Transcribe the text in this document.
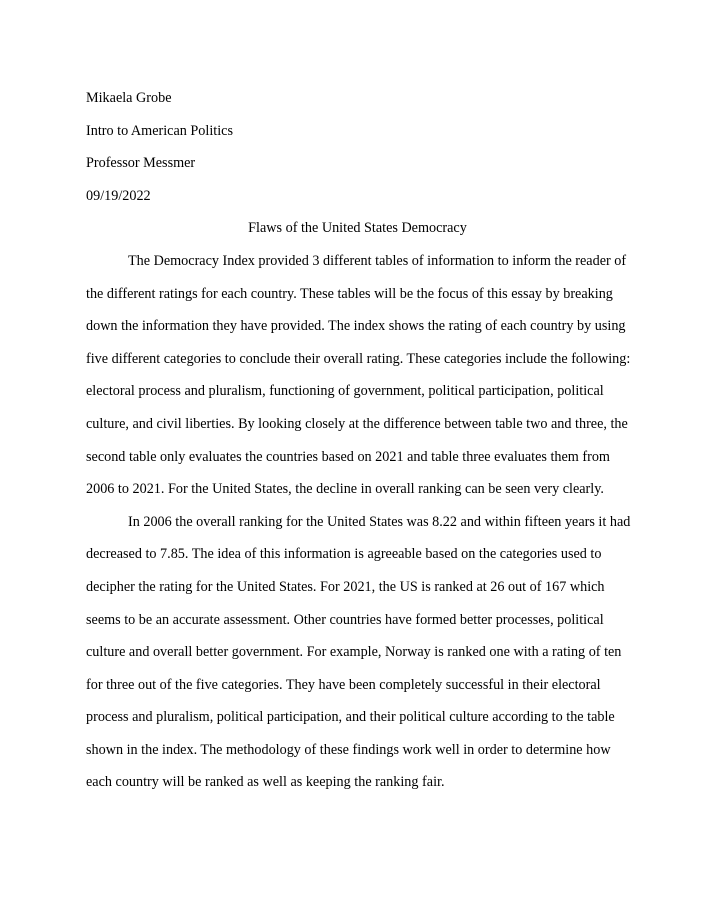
Mikaela Grobe
Intro to American Politics
Professor Messmer
09/19/2022
Flaws of the United States Democracy
The Democracy Index provided 3 different tables of information to inform the reader of
the different ratings for each country. These tables will be the focus of this essay by breaking
down the information they have provided. The index shows the rating of each country by using
five different categories to conclude their overall rating. These categories include the following:
electoral process and pluralism, functioning of government, political participation, political
culture, and civil liberties. By looking closely at the difference between table two and three, the
second table only evaluates the countries based on 2021 and table three evaluates them from
2006 to 2021. For the United States, the decline in overall ranking can be seen very clearly.
In 2006 the overall ranking for the United States was 8.22 and within fifteen years it had
decreased to 7.85. The idea of this information is agreeable based on the categories used to
decipher the rating for the United States. For 2021, the US is ranked at 26 out of 167 which
seems to be an accurate assessment. Other countries have formed better processes, political
culture and overall better government. For example, Norway is ranked one with a rating of ten
for three out of the five categories. They have been completely successful in their electoral
process and pluralism, political participation, and their political culture according to the table
shown in the index. The methodology of these findings work well in order to determine how
each country will be ranked as well as keeping the ranking fair.
